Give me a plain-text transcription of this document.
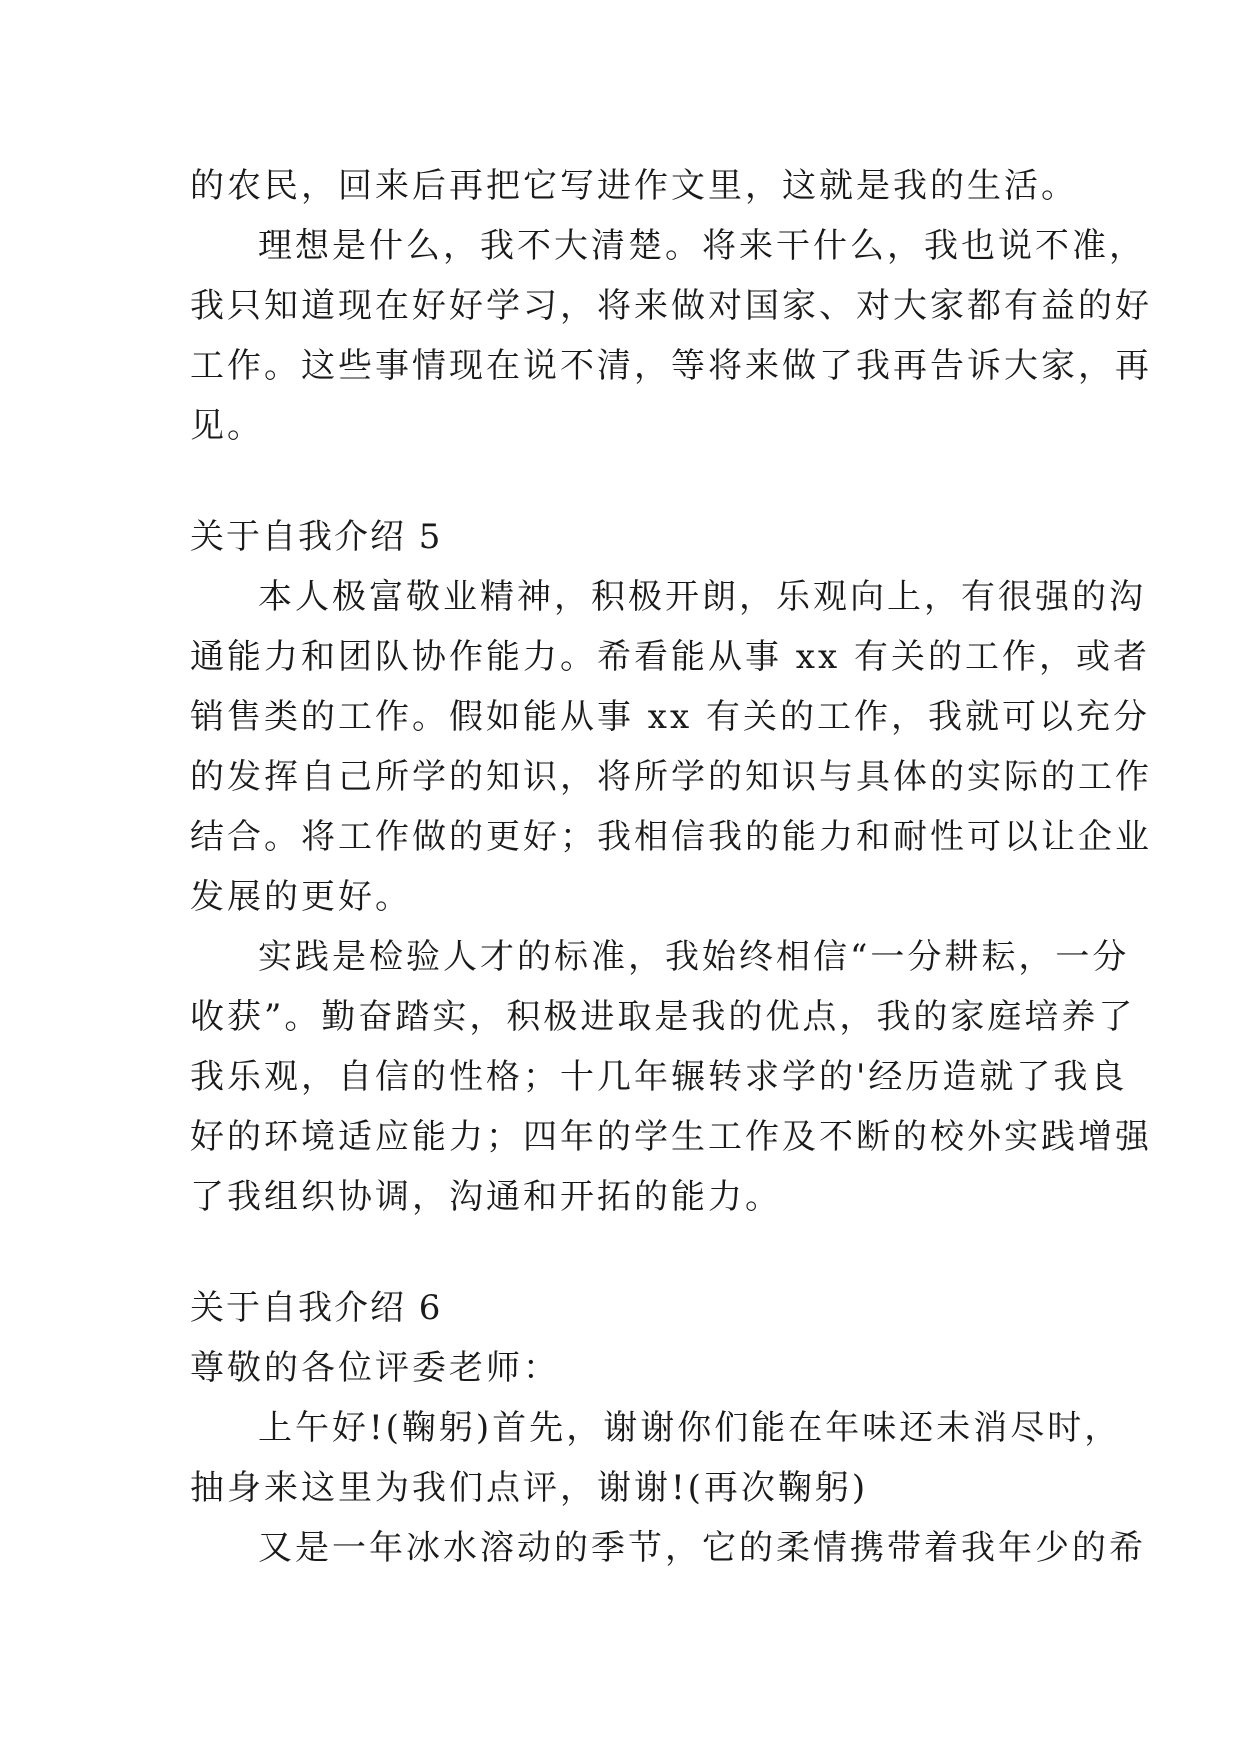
的农民，回来后再把它写进作文里，这就是我的生活。
理想是什么，我不大清楚。将来干什么，我也说不准，
我只知道现在好好学习，将来做对国家、对大家都有益的好
工作。这些事情现在说不清，等将来做了我再告诉大家，再
见。
关于自我介绍 5
本人极富敬业精神，积极开朗，乐观向上，有很强的沟
通能力和团队协作能力。希看能从事 xx 有关的工作，或者
销售类的工作。假如能从事 xx 有关的工作，我就可以充分
的发挥自己所学的知识，将所学的知识与具体的实际的工作
结合。将工作做的更好；我相信我的能力和耐性可以让企业
发展的更好。
实践是检验人才的标准，我始终相信“一分耕耘，一分
收获”。勤奋踏实，积极进取是我的优点，我的家庭培养了
我乐观，自信的性格；十几年辗转求学的'经历造就了我良
好的环境适应能力；四年的学生工作及不断的校外实践增强
了我组织协调，沟通和开拓的能力。
关于自我介绍 6
尊敬的各位评委老师：
上午好!(鞠躬)首先，谢谢你们能在年味还未消尽时，
抽身来这里为我们点评，谢谢!(再次鞠躬)
又是一年冰水溶动的季节，它的柔情携带着我年少的希
